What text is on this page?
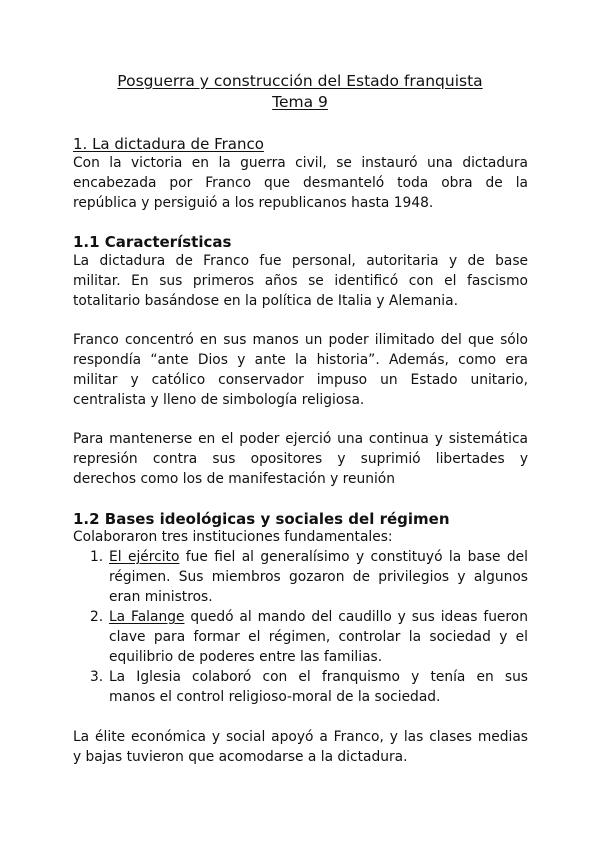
Posguerra y construcción del Estado franquista
Tema 9
1. La dictadura de Franco
Con la victoria en la guerra civil, se instauró una dictadura
encabezada por Franco que desmanteló toda obra de la
república y persiguió a los republicanos hasta 1948.
1.1 Características
La dictadura de Franco fue personal, autoritaria y de base
militar. En sus primeros años se identificó con el fascismo
totalitario basándose en la política de Italia y Alemania.
Franco concentró en sus manos un poder ilimitado del que sólo
respondía “ante Dios y ante la historia”. Además, como era
militar y católico conservador impuso un Estado unitario,
centralista y lleno de simbología religiosa.
Para mantenerse en el poder ejerció una continua y sistemática
represión contra sus opositores y suprimió libertades y
derechos como los de manifestación y reunión
1.2 Bases ideológicas y sociales del régimen
Colaboraron tres instituciones fundamentales:
1. El ejército fue fiel al generalísimo y constituyó la base del
régimen. Sus miembros gozaron de privilegios y algunos
eran ministros.
2. La Falange quedó al mando del caudillo y sus ideas fueron
clave para formar el régimen, controlar la sociedad y el
equilibrio de poderes entre las familias.
3. La Iglesia colaboró con el franquismo y tenía en sus
manos el control religioso-moral de la sociedad.
La élite económica y social apoyó a Franco, y las clases medias
y bajas tuvieron que acomodarse a la dictadura.
